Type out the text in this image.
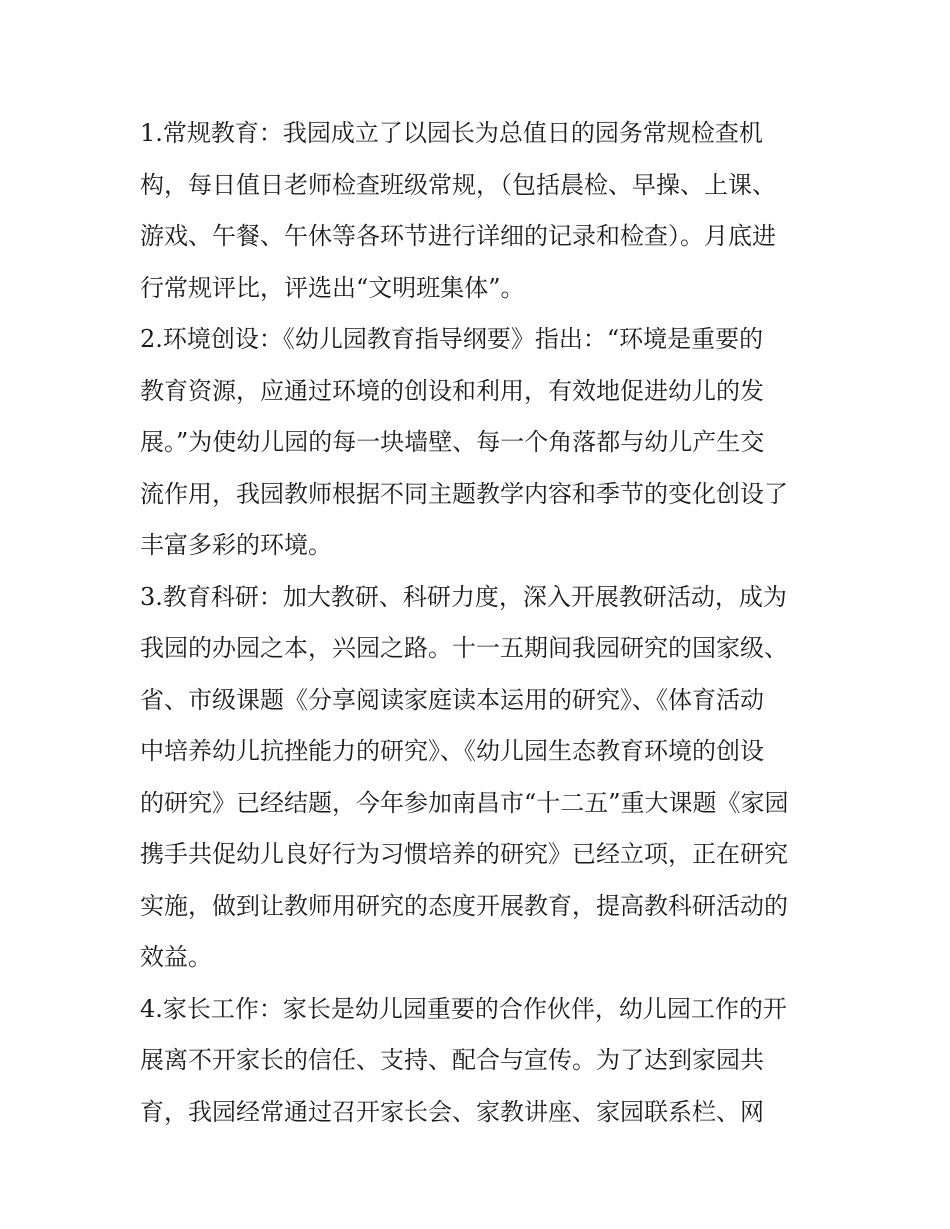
1.常规教育：我园成立了以园长为总值日的园务常规检查机
构，每日值日老师检查班级常规，（包括晨检、早操、上课、
游戏、午餐、午休等各环节进行详细的记录和检查）。月底进
行常规评比，评选出“文明班集体”。
2.环境创设：《幼儿园教育指导纲要》指出：“环境是重要的
教育资源，应通过环境的创设和利用，有效地促进幼儿的发
展。”为使幼儿园的每一块墙壁、每一个角落都与幼儿产生交
流作用，我园教师根据不同主题教学内容和季节的变化创设了
丰富多彩的环境。
3.教育科研：加大教研、科研力度，深入开展教研活动，成为
我园的办园之本，兴园之路。十一五期间我园研究的国家级、
省、市级课题《分享阅读家庭读本运用的研究》、《体育活动
中培养幼儿抗挫能力的研究》、《幼儿园生态教育环境的创设
的研究》已经结题，今年参加南昌市“十二五”重大课题《家园
携手共促幼儿良好行为习惯培养的研究》已经立项，正在研究
实施，做到让教师用研究的态度开展教育，提高教科研活动的
效益。
4.家长工作：家长是幼儿园重要的合作伙伴，幼儿园工作的开
展离不开家长的信任、支持、配合与宣传。为了达到家园共
育，我园经常通过召开家长会、家教讲座、家园联系栏、网
